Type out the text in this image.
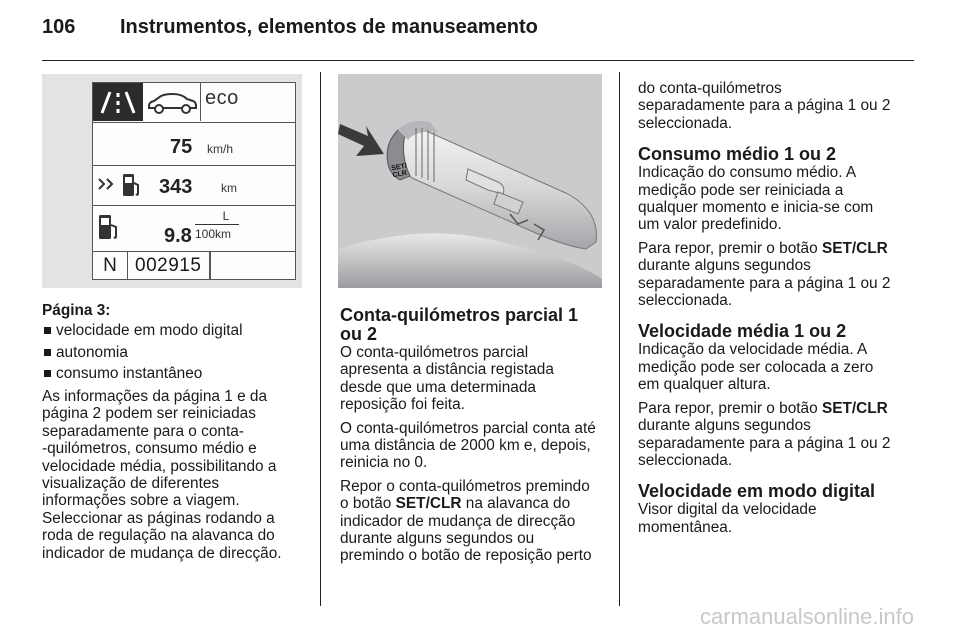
106 Instrumentos, elementos de manuseamento
eco
75 km/h
343 km
9.8
L
100km
N 002915
SET/
CLR
Página 3:
velocidade em modo digital
autonomia
consumo instantâneo

As informações da página 1 e da
página 2 podem ser reiniciadas
separadamente para o conta-
-quilómetros, consumo médio e
velocidade média, possibilitando a
visualização de diferentes
informações sobre a viagem.
Seleccionar as páginas rodando a
roda de regulação na alavanca do
indicador de mudança de direcção.

Conta-quilómetros parcial 1
ou 2

O conta-quilómetros parcial
apresenta a distância registada
desde que uma determinada
reposição foi feita.

O conta-quilómetros parcial conta até
uma distância de 2000 km e, depois,
reinicia no 0.

Repor o conta-quilómetros premindo
o botão SET/CLR na alavanca do
indicador de mudança de direcção
durante alguns segundos ou
premindo o botão de reposição perto

do conta-quilómetros
separadamente para a página 1 ou 2
seleccionada.

Consumo médio 1 ou 2

Indicação do consumo médio. A
medição pode ser reiniciada a
qualquer momento e inicia-se com
um valor predefinido.

Para repor, premir o botão SET/CLR
durante alguns segundos
separadamente para a página 1 ou 2
seleccionada.

Velocidade média 1 ou 2

Indicação da velocidade média. A
medição pode ser colocada a zero
em qualquer altura.

Para repor, premir o botão SET/CLR
durante alguns segundos
separadamente para a página 1 ou 2
seleccionada.

Velocidade em modo digital

Visor digital da velocidade
momentânea.

carmanualsonline.info
